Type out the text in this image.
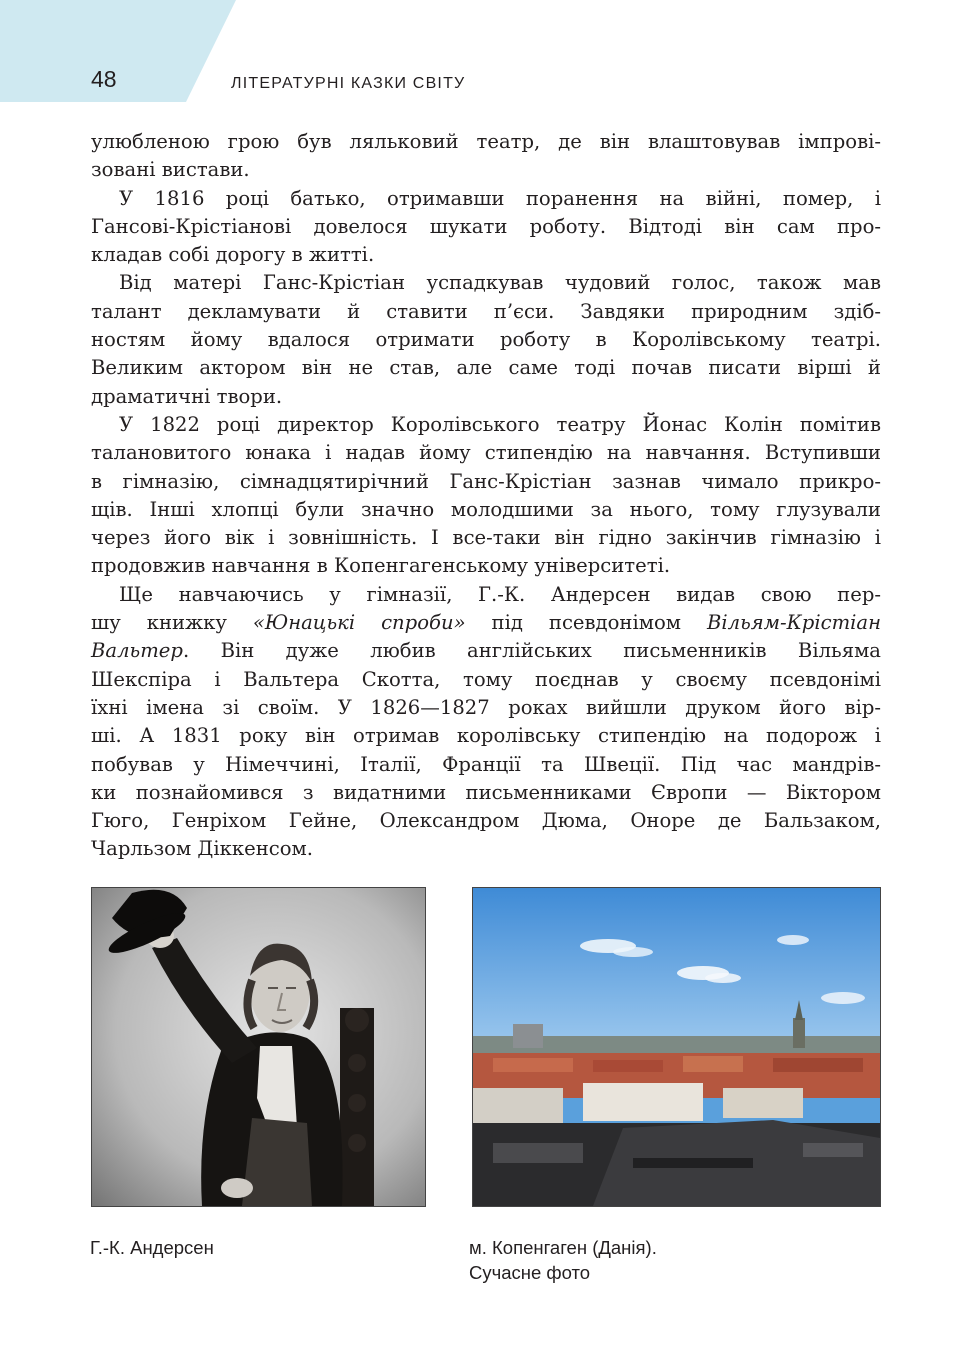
48	ЛІТЕРАТУРНІ КАЗКИ СВІТУ
улюбленою грою був ляльковий театр, де він влаштовував імпрові-
зовані вистави.
У 1816 році батько, отримавши поранення на війні, помер, і
Гансові-Крістіанові довелося шукати роботу. Відтоді він сам про-
кладав собі дорогу в житті.
Від матері Ганс-Крістіан успадкував чудовий голос, також мав
талант декламувати й ставити п’єси. Завдяки природним здіб-
ностям йому вдалося отримати роботу в Королівському театрі.
Великим актором він не став, але саме тоді почав писати вірші й
драматичні твори.
У 1822 році директор Королівського театру Йонас Колін помітив
талановитого юнака і надав йому стипендію на навчання. Вступивши
в гімназію, сімнадцятирічний Ганс-Крістіан зазнав чимало прикро-
щів. Інші хлопці були значно молодшими за нього, тому глузували
через його вік і зовнішність. І все-таки він гідно закінчив гімназію і
продовжив навчання в Копенгагенському університеті.
Ще навчаючись у гімназії, Г.-К. Андерсен видав свою пер-
шу книжку «Юнацькі спроби» під псевдонімом Вільям-Крістіан
Вальтер. Він дуже любив англійських письменників Вільяма
Шекспіра і Вальтера Скотта, тому поєднав у своєму псевдонімі
їхні імена зі своїм. У 1826—1827 роках вийшли друком його вір-
ші. А 1831 року він отримав королівську стипендію на подорож і
побував у Німеччині, Італії, Франції та Швеції. Під час мандрів-
ки познайомився з видатними письменниками Європи — Віктором
Гюго, Генріхом Гейне, Олександром Дюма, Оноре де Бальзаком,
Чарльзом Діккенсом.
Г.-К. Андерсен	м. Копенгаген (Данія).
Сучасне фото
